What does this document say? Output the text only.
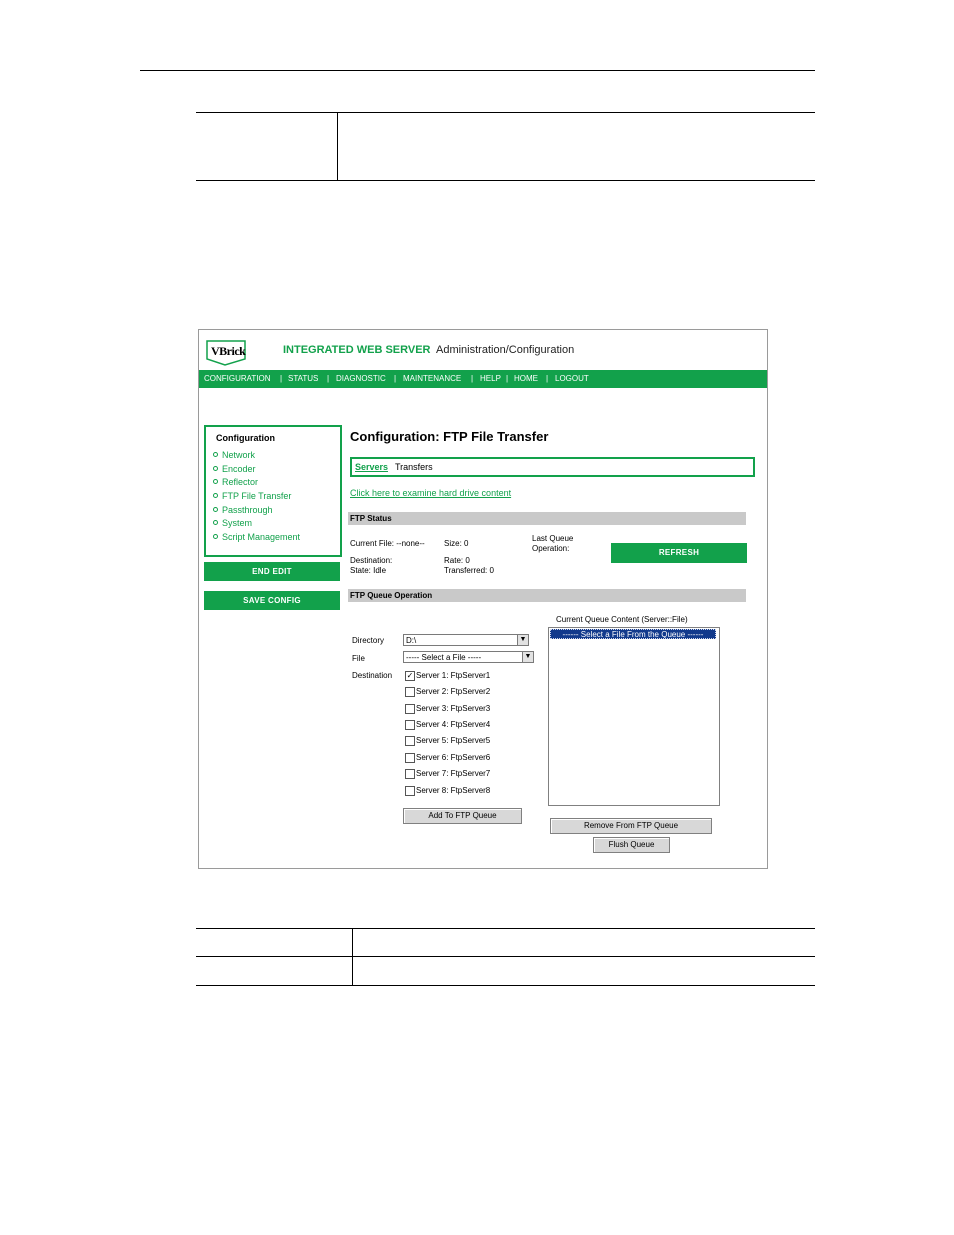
VBrick	INTEGRATED WEB SERVER Administration/Configuration
CONFIGURATION | STATUS | DIAGNOSTIC | MAINTENANCE | HELP | HOME | LOGOUT
Configuration
Network
Encoder
Reflector
FTP File Transfer
Passthrough
System
Script Management
END EDIT
SAVE CONFIG
Configuration: FTP File Transfer
Servers Transfers
Click here to examine hard drive content
FTP Status
Current File: --none-- Size: 0
Last Queue
Operation:	REFRESH
Destination:	Rate: 0
State: Idle	Transferred: 0
FTP Queue Operation
Current Queue Content (Server::File)
Directory	D:\	▼
File	----- Select a File -----	▼
Destination ✓ Server 1: FtpServer1
Server 2: FtpServer2
Server 3: FtpServer3
Server 4: FtpServer4
Server 5: FtpServer5
Server 6: FtpServer6
Server 7: FtpServer7
Server 8: FtpServer8
------ Select a File From the Queue ------
Add To FTP Queue
Remove From FTP Queue
Flush Queue
